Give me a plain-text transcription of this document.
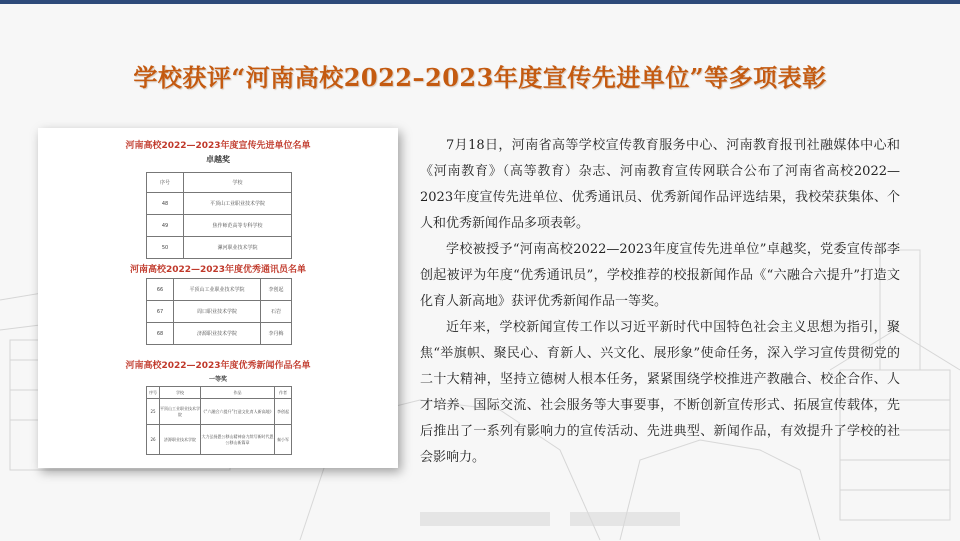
学校获评“河南高校2022–2023年度宣传先进单位”等多项表彰
河南高校2022—2023年度宣传先进单位名单
卓越奖
序号	学校
48	平顶山工业职业技术学院
49	焦作师范高等专科学校
50	漯河职业技术学院
河南高校2022—2023年度优秀通讯员名单
66	平顶山工业职业技术学院	李创起
67	周口职业技术学院	石岩
68	济源职业技术学院	李丹梅
河南高校2022—2023年度优秀新闻作品名单
一等奖
序号	学校	作品	作者
25	平顶山工业职业技术学院	《“六融合六提升”打造文化育人新高地》	李创起
26	济源职业技术学院	大力弘扬愚公移山精神奋力续写新时代愚公移山新篇章	秦小军

7月18日，河南省高等学校宣传教育服务中心、河南教育报刊社融媒体中心和《河南教育》（高等教育）杂志、河南教育宣传网联合公布了河南省高校2022—2023年度宣传先进单位、优秀通讯员、优秀新闻作品评选结果，我校荣获集体、个人和优秀新闻作品多项表彰。

学校被授予“河南高校2022—2023年度宣传先进单位”卓越奖，党委宣传部李创起被评为年度“优秀通讯员”，学校推荐的校报新闻作品《“六融合六提升”打造文化育人新高地》获评优秀新闻作品一等奖。

近年来，学校新闻宣传工作以习近平新时代中国特色社会主义思想为指引，聚焦“举旗帜、聚民心、育新人、兴文化、展形象”使命任务，深入学习宣传贯彻党的二十大精神，坚持立德树人根本任务，紧紧围绕学校推进产教融合、校企合作、人才培养、国际交流、社会服务等大事要事，不断创新宣传形式、拓展宣传载体，先后推出了一系列有影响力的宣传活动、先进典型、新闻作品，有效提升了学校的社会影响力。
